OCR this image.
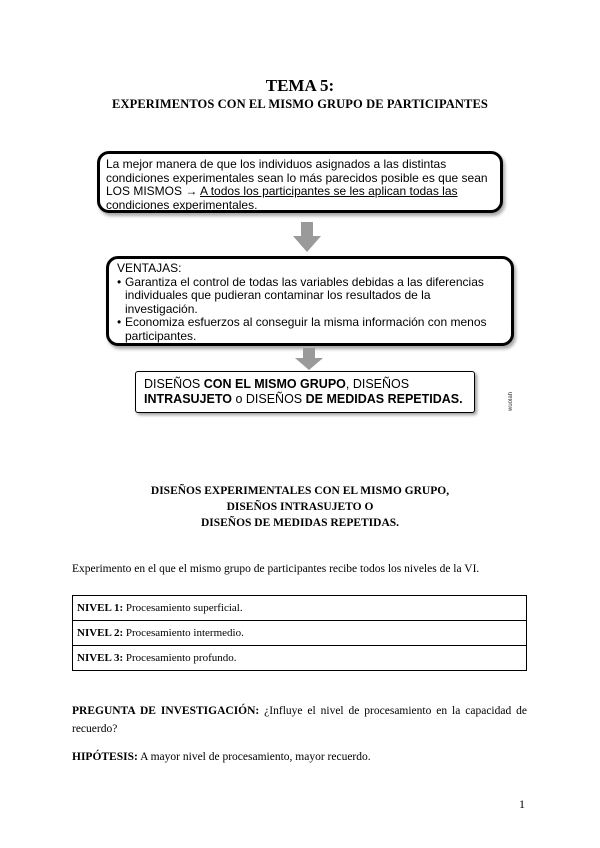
TEMA 5:
EXPERIMENTOS CON EL MISMO GRUPO DE PARTICIPANTES
La mejor manera de que los individuos asignados a las distintas condiciones experimentales sean lo más parecidos posible es que sean LOS MISMOS → A todos los participantes se les aplican todas las condiciones experimentales.
VENTAJAS:
• Garantiza el control de todas las variables debidas a las diferencias individuales que pudieran contaminar los resultados de la investigación.
• Economiza esfuerzos al conseguir la misma información con menos participantes.
DISEÑOS CON EL MISMO GRUPO, DISEÑOS
INTRASUJETO o DISEÑOS DE MEDIDAS REPETIDAS.	wuolah
DISEÑOS EXPERIMENTALES CON EL MISMO GRUPO,
DISEÑOS INTRASUJETO O
DISEÑOS DE MEDIDAS REPETIDAS.
Experimento en el que el mismo grupo de participantes recibe todos los niveles de la VI.
NIVEL 1: Procesamiento superficial.
NIVEL 2: Procesamiento intermedio.
NIVEL 3: Procesamiento profundo.
PREGUNTA DE INVESTIGACIÓN: ¿Influye el nivel de procesamiento en la capacidad de recuerdo?
HIPÓTESIS: A mayor nivel de procesamiento, mayor recuerdo.
1
